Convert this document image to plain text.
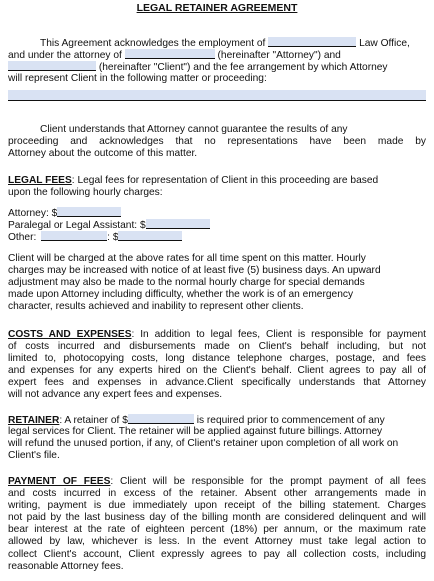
LEGAL RETAINER AGREEMENT
This Agreement acknowledges the employment of	Law Office,
and under the attorney of	(hereinafter "Attorney") and
(hereinafter "Client") and the fee arrangement by which Attorney
will represent Client in the following matter or proceeding:
Client understands that Attorney cannot guarantee the results of any
proceeding and acknowledges that no representations have been made by
Attorney about the outcome of this matter.
LEGAL FEES: Legal fees for representation of Client in this proceeding are based
upon the following hourly charges:
Attorney: $
Paralegal or Legal Assistant: $
Other:	: $
Client will be charged at the above rates for all time spent on this matter. Hourly
charges may be increased with notice of at least five (5) business days. An upward
adjustment may also be made to the normal hourly charge for special demands
made upon Attorney including difficulty, whether the work is of an emergency
character, results achieved and inability to represent other clients.
COSTS AND EXPENSES: In addition to legal fees, Client is responsible for payment
of costs incurred and disbursements made on Client's behalf including, but not
limited to, photocopying costs, long distance telephone charges, postage, and fees
and expenses for any experts hired on the Client's behalf. Client agrees to pay all of
expert fees and expenses in advance.Client specifically understands that Attorney
will not advance any expert fees and expenses.
RETAINER: A retainer of $	is required prior to commencement of any
legal services for Client. The retainer will be applied against future billings. Attorney
will refund the unused portion, if any, of Client's retainer upon completion of all work on
Client's file.
PAYMENT OF FEES: Client will be responsible for the prompt payment of all fees
and costs incurred in excess of the retainer. Absent other arrangements made in
writing, payment is due immediately upon receipt of the billing statement. Charges
not paid by the last business day of the billing month are considered delinquent and will
bear interest at the rate of eighteen percent (18%) per annum, or the maximum rate
allowed by law, whichever is less. In the event Attorney must take legal action to
collect Client's account, Client expressly agrees to pay all collection costs, including
reasonable Attorney fees.
